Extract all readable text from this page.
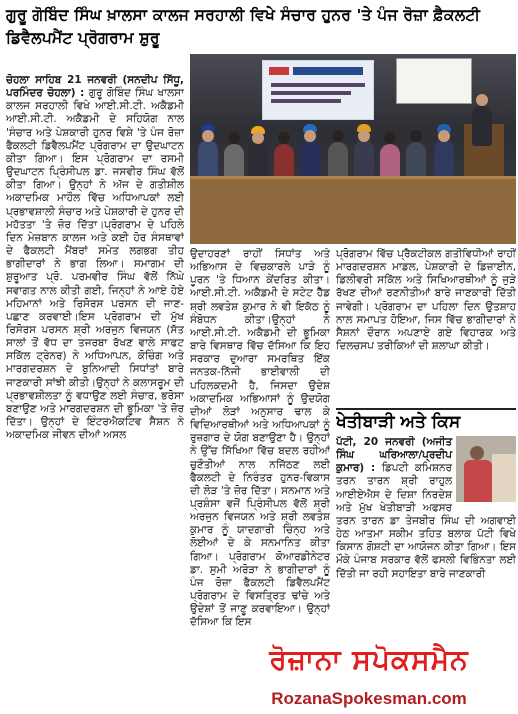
ਗੁਰੂ ਗੋਬਿੰਦ ਸਿੰਘ ਖ਼ਾਲਸਾ ਕਾਲਜ ਸਰਹਾਲੀ ਵਿਖੇ ਸੰਚਾਰ ਹੁਨਰ 'ਤੇ ਪੰਜ ਰੋਜ਼ਾ ਫ਼ੈਕਲਟੀ ਡਿਵੈਲਪਮੈਂਟ ਪ੍ਰੋਗਰਾਮ ਸ਼ੁਰੂ
ਚੋਹਲਾ ਸਾਹਿਬ 21 ਜਨਵਰੀ (ਸਨਦੀਪ ਸਿੱਧੂ, ਪਰਮਿੰਦਰ ਚੋਹਲਾ) : ਗੁਰੂ ਗੋਬਿੰਦ ਸਿੰਘ ਖਾਲਸਾ ਕਾਲਜ ਸਰਹਾਲੀ ਵਿਖੇ ਆਈ.ਸੀ.ਟੀ. ਅਕੈਡਮੀ ਆਈ.ਸੀ.ਟੀ. ਅਕੈਡਮੀ ਦੇ ਸਹਿਯੋਗ ਨਾਲ 'ਸੰਚਾਰ ਅਤੇ ਪੇਸ਼ਕਾਰੀ ਹੁਨਰ ਵਿਸ਼ੇ 'ਤੇ ਪੰਜ ਰੋਜ਼ਾ ਫੈਕਲਟੀ ਡਿਵੈਲਪਮੈਂਟ ਪ੍ਰੋਗਰਾਮ ਦਾ ਉਦਘਾਟਨ ਕੀਤਾ ਗਿਆ। ਇਸ ਪ੍ਰੋਗਰਾਮ ਦਾ ਰਸਮੀ ਉਦਘਾਟਨ ਪ੍ਰਿੰਸੀਪਲ ਡਾ. ਜਸਵੀਰ ਸਿੰਘ ਵੱਲੋਂ ਕੀਤਾ ਗਿਆ। ਉਨ੍ਹਾਂ ਨੇ ਅੱਜ ਦੇ ਗਤੀਸ਼ੀਲ ਅਕਾਦਮਿਕ ਮਾਹੌਲ ਵਿੱਚ ਅਧਿਆਪਕਾਂ ਲਈ ਪ੍ਰਭਾਵਸ਼ਾਲੀ ਸੰਚਾਰ ਅਤੇ ਪੇਸ਼ਕਾਰੀ ਦੇ ਹੁਨਰ ਦੀ ਮਹੱਤਤਾ 'ਤੇ ਜ਼ੋਰ ਦਿੱਤਾ।ਪ੍ਰੋਗਰਾਮ ਦੇ ਪਹਿਲੇ ਦਿਨ ਮੇਜ਼ਬਾਨ ਕਾਲਜ ਅਤੇ ਕਈ ਹੋਰ ਸੰਸਥਾਵਾਂ ਦੇ ਫੈਕਲਟੀ ਮੈਂਬਰਾਂ ਸਮੇਤ ਲਗਭਗ ਤੀਹ ਭਾਗੀਦਾਰਾਂ ਨੇ ਭਾਗ ਲਿਆ। ਸਮਾਗਮ ਦੀ ਸ਼ੁਰੂਆਤ ਪ੍ਰੋ. ਪਰਮਵੀਰ ਸਿੰਘ ਵੱਲੋਂ ਨਿੱਘੇ ਸਵਾਗਤ ਨਾਲ ਕੀਤੀ ਗਈ, ਜਿਨ੍ਹਾਂ ਨੇ ਆਏ ਹੋਏ ਮਹਿਮਾਨਾਂ ਅਤੇ ਰਿਸੋਰਸ ਪਰਸਨ ਦੀ ਜਾਣ-ਪਛਾਣ ਕਰਵਾਈ।ਇਸ ਪ੍ਰੋਗਰਾਮ ਦੀ ਮੁੱਖ ਰਿਸੋਰਸ ਪਰਸਨ ਸ਼੍ਰੀ ਅਰਜੁਨ ਵਿਜਯਨ (ਸੱਤ ਸਾਲਾਂ ਤੋਂ ਵੱਧ ਦਾ ਤਜਰਬਾ ਰੱਖਣ ਵਾਲੇ ਸਾਫਟ ਸਕਿੱਲ ਟ੍ਰੇਨਰ) ਨੇ ਅਧਿਆਪਨ, ਕੋਚਿੰਗ ਅਤੇ ਮਾਰਗਦਰਸ਼ਨ ਦੇ ਬੁਨਿਆਦੀ ਸਿਧਾਂਤਾਂ ਬਾਰੇ ਜਾਣਕਾਰੀ ਸਾਂਝੀ ਕੀਤੀ।ਉਨ੍ਹਾਂ ਨੇ ਕਲਾਸਰੂਮ ਦੀ ਪ੍ਰਭਾਵਸ਼ੀਲਤਾ ਨੂੰ ਵਧਾਉਣ ਲਈ ਸੰਚਾਰ, ਭਰੋਸਾ ਬਣਾਉਣ ਅਤੇ ਮਾਰਗਦਰਸ਼ਨ ਦੀ ਭੂਮਿਕਾ 'ਤੇ ਜ਼ੋਰ ਦਿੱਤਾ। ਉਨ੍ਹਾਂ ਦੇ ਇੰਟਰਐਕਟਿਵ ਸੈਸ਼ਨ ਨੇ ਅਕਾਦਮਿਕ ਜੀਵਨ ਦੀਆਂ ਅਸਲ
ਉਦਾਹਰਣਾਂ ਰਾਹੀਂ ਸਿਧਾਂਤ ਅਤੇ ਅਭਿਆਸ ਦੇ ਵਿਚਕਾਰਲੇ ਪਾੜੇ ਨੂੰ ਪੂਰਨ 'ਤੇ ਧਿਆਨ ਕੇਂਦਰਿਤ ਕੀਤਾ। ਆਈ.ਸੀ.ਟੀ. ਅਕੈਡਮੀ ਦੇ ਸਟੇਟ ਹੈੱਡ ਸ਼੍ਰੀ ਲਵਤੇਸ਼ ਕੁਮਾਰ ਨੇ ਵੀ ਇਕੱਠ ਨੂੰ ਸੰਬੋਧਨ ਕੀਤਾ।ਉਨ੍ਹਾਂ ਨੇ ਆਈ.ਸੀ.ਟੀ. ਅਕੈਡਮੀ ਦੀ ਭੂਮਿਕਾ ਬਾਰੇ ਵਿਸਥਾਰ ਵਿੱਚ ਦੱਸਿਆ ਕਿ ਇਹ ਸਰਕਾਰ ਦੁਆਰਾ ਸਮਰਥਿਤ ਇੱਕ ਜਨਤਕ-ਨਿੱਜੀ ਭਾਈਵਾਲੀ ਦੀ ਪਹਿਲਕਦਮੀ ਹੈ, ਜਿਸਦਾ ਉਦੇਸ਼ ਅਕਾਦਮਿਕ ਅਭਿਆਸਾਂ ਨੂੰ ਉਦਯੋਗ ਦੀਆਂ ਲੋੜਾਂ ਅਨੁਸਾਰ ਢਾਲ ਕੇ ਵਿਦਿਆਰਥੀਆਂ ਅਤੇ ਅਧਿਆਪਕਾਂ ਨੂੰ ਰੁਜ਼ਗਾਰ ਦੇ ਯੋਗ ਬਣਾਉਣਾ ਹੈ। ਉਨ੍ਹਾਂ ਨੇ ਉੱਚ ਸਿੱਖਿਆ ਵਿੱਚ ਬਦਲ ਰਹੀਆਂ ਚੁਣੌਤੀਆਂ ਨਾਲ ਨਜਿੱਠਣ ਲਈ ਫੈਕਲਟੀ ਦੇ ਨਿਰੰਤਰ ਹੁਨਰ-ਵਿਕਾਸ ਦੀ ਲੋੜ 'ਤੇ ਜ਼ੋਰ ਦਿੱਤਾ। ਸਨਮਾਨ ਅਤੇ ਪ੍ਰਸ਼ੰਸਾ ਵਜੋਂ ਪ੍ਰਿੰਸੀਪਲ ਵੱਲੋਂ ਸ਼੍ਰੀ ਅਰਜੁਨ ਵਿਜਯਨ ਅਤੇ ਸ਼੍ਰੀ ਲਵਤੇਸ਼ ਕੁਮਾਰ ਨੂੰ ਯਾਦਗਾਰੀ ਚਿੰਨ੍ਹ ਅਤੇ ਲੋਈਆਂ ਦੇ ਕੇ ਸਨਮਾਨਿਤ ਕੀਤਾ ਗਿਆ। ਪ੍ਰੋਗਰਾਮ ਕੋਆਰਡੀਨੇਟਰ ਡਾ. ਸੁਮੀ ਅਰੋੜਾ ਨੇ ਭਾਗੀਦਾਰਾਂ ਨੂੰ ਪੰਜ ਰੋਜ਼ਾ ਫੈਕਲਟੀ ਡਿਵੈਲਪਮੈਂਟ ਪ੍ਰੋਗਰਾਮ ਦੇ ਵਿਸਤ੍ਰਿਤ ਢਾਂਚੇ ਅਤੇ ਉਦੇਸ਼ਾਂ ਤੋਂ ਜਾਣੂ ਕਰਵਾਇਆ। ਉਨ੍ਹਾਂ ਦੱਸਿਆ ਕਿ ਇਸ
ਪ੍ਰੋਗਰਾਮ ਵਿੱਚ ਪ੍ਰੈਕਟੀਕਲ ਗਤੀਵਿਧੀਆਂ ਰਾਹੀਂ ਮਾਰਗਦਰਸ਼ਨ ਮਾਡਲ, ਪੇਸ਼ਕਾਰੀ ਦੇ ਡਿਜ਼ਾਈਨ, ਡਿਲੀਵਰੀ ਸਕਿੱਲ ਅਤੇ ਸਿਖਿਆਰਥੀਆਂ ਨੂੰ ਜੁੜੇ ਰੱਖਣ ਦੀਆਂ ਰਣਨੀਤੀਆਂ ਬਾਰੇ ਜਾਣਕਾਰੀ ਦਿੱਤੀ ਜਾਵੇਗੀ। ਪ੍ਰੋਗਰਾਮ ਦਾ ਪਹਿਲਾ ਦਿਨ ਉਤਸ਼ਾਹ ਨਾਲ ਸਮਾਪਤ ਹੋਇਆ, ਜਿਸ ਵਿੱਚ ਭਾਗੀਦਾਰਾਂ ਨੇ ਸੈਸ਼ਨਾਂ ਦੌਰਾਨ ਅਪਣਾਏ ਗਏ ਵਿਹਾਰਕ ਅਤੇ ਦਿਲਚਸਪ ਤਰੀਕਿਆਂ ਦੀ ਸ਼ਲਾਘਾ ਕੀਤੀ।
ਖੇਤੀਬਾੜੀ ਅਤੇ ਕਿਸ
ਪੱਟੀ, 20 ਜਨਵਰੀ (ਅਜੀਤ ਸਿੰਘ ਘਰਿਆਲਾ/ਪ੍ਰਦੀਪ ਕੁਮਾਰ) : ਡਿਪਟੀ ਕਮਿਸ਼ਨਰ ਤਰਨ ਤਾਰਨ ਸ਼੍ਰੀ ਰਾਹੁਲ ਆਈਏਐਸ ਦੇ ਦਿਸ਼ਾ ਨਿਰਦੇਸ਼ ਅਤੇ ਮੁੱਖ ਖੇਤੀਬਾੜੀ ਅਫਸਰ ਤਰਨ ਤਾਰਨ ਡਾ ਤੇਜਬੀਰ ਸਿੰਘ ਦੀ ਅਗਵਾਈ ਹੇਠ ਆਤਮਾ ਸਕੀਮ ਤਹਿਤ ਬਲਾਕ ਪੱਟੀ ਵਿਖੇ ਕਿਸਾਨ ਗੋਸ਼ਟੀ ਦਾ ਆਯੋਜਨ ਕੀਤਾ ਗਿਆ। ਇਸ ਮੌਕੇ ਪੰਜਾਬ ਸਰਕਾਰ ਵੱਲੋਂ ਫਸਲੀ ਵਿਭਿੰਨਤਾ ਲਈ ਦਿੱਤੀ ਜਾ ਰਹੀ ਸਹਾਇਤਾ ਬਾਰੇ ਜਾਣਕਾਰੀ
ਰੋਜ਼ਾਨਾ ਸਪੋਕਸਮੈਨ
RozanaSpokesman.com
